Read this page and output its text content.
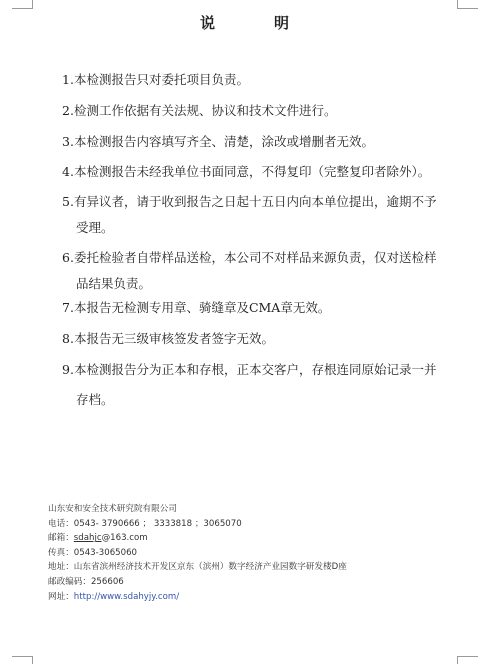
说	明
1.本检测报告只对委托项目负责。
2.检测工作依据有关法规、协议和技术文件进行。
3.本检测报告内容填写齐全、清楚，涂改或增删者无效。
4.本检测报告未经我单位书面同意，不得复印（完整复印者除外）。
5.有异议者，请于收到报告之日起十五日内向本单位提出，逾期不予
受理。
6.委托检验者自带样品送检，本公司不对样品来源负责，仅对送检样
品结果负责。
7.本报告无检测专用章、骑缝章及CMA章无效。
8.本报告无三级审核签发者签字无效。
9.本检测报告分为正本和存根，正本交客户，存根连同原始记录一并
存档。
山东安和安全技术研究院有限公司
电话：0543- 3790666 ； 3333818 ；3065070
邮箱：sdahjc@163.com
传真：0543-3065060
地址：山东省滨州经济技术开发区京东（滨州）数字经济产业园数字研发楼D座
邮政编码：256606
网址：http://www.sdahyjy.com/
